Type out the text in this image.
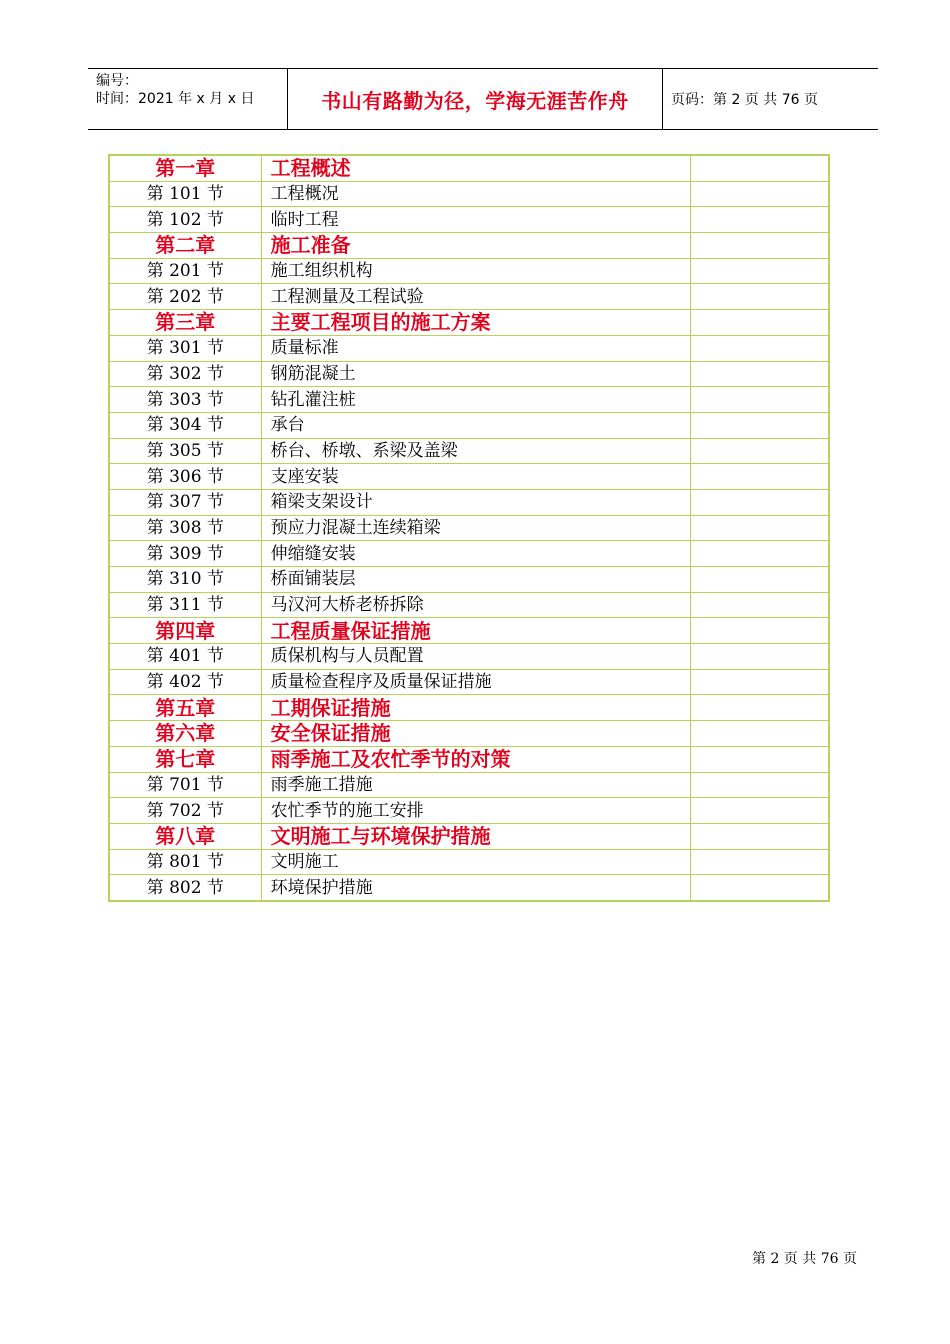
编号：
时间：2021 年 x 月 x 日	书山有路勤为径，学海无涯苦作舟	页码：第 2 页 共 76 页
第一章	工程概述	
第 101 节	工程概况	
第 102 节	临时工程	
第二章	施工准备	
第 201 节	施工组织机构	
第 202 节	工程测量及工程试验	
第三章	主要工程项目的施工方案	
第 301 节	质量标准	
第 302 节	钢筋混凝土	
第 303 节	钻孔灌注桩	
第 304 节	承台	
第 305 节	桥台、桥墩、系梁及盖梁	
第 306 节	支座安装	
第 307 节	箱梁支架设计	
第 308 节	预应力混凝土连续箱梁	
第 309 节	伸缩缝安装	
第 310 节	桥面铺装层	
第 311 节	马汉河大桥老桥拆除	
第四章	工程质量保证措施	
第 401 节	质保机构与人员配置	
第 402 节	质量检查程序及质量保证措施	
第五章	工期保证措施	
第六章	安全保证措施	
第七章	雨季施工及农忙季节的对策	
第 701 节	雨季施工措施	
第 702 节	农忙季节的施工安排	
第八章	文明施工与环境保护措施	
第 801 节	文明施工	
第 802 节	环境保护措施	
第 2 页 共 76 页
